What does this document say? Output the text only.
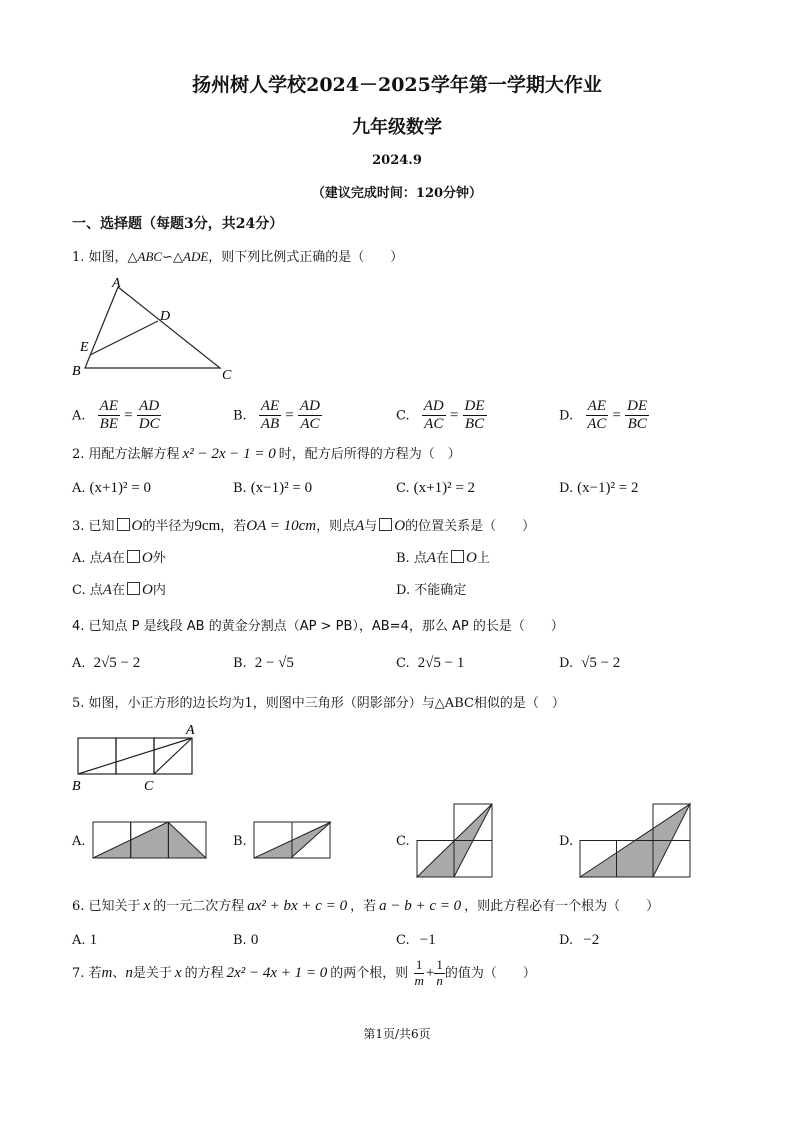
扬州树人学校2024－2025学年第一学期大作业
九年级数学
2024.9
（建议完成时间：120分钟）
一、选择题（每题3分，共24分）
1. 如图，△ABC∽△ADE，则下列比例式正确的是（　　）
A
D
E
B	C
A. $\frac{AE}{BE} = \frac{AD}{DC}$	B. $\frac{AE}{AB} = \frac{AD}{AC}$	C. $\frac{AD}{AC} = \frac{DE}{BC}$	D. $\frac{AE}{AC} = \frac{DE}{BC}$
2. 用配方法解方程 x² − 2x − 1 = 0 时，配方后所得的方程为（　）
A. (x+1)² = 0	B. (x−1)² = 0	C. (x+1)² = 2	D. (x−1)² = 2
3. 已知 O的半径为9cm，若OA = 10cm，则点A与 O的位置关系是（　　）
A. 点A在 O外	B. 点A在 O上
C. 点A在 O内	D. 不能确定
4. 已知点 P 是线段 AB 的黄金分割点（AP > PB），AB=4，那么 AP 的长是（　　）
A. 2√5 − 2	B. 2 − √5	C. 2√5 − 1	D. √5 − 2
5. 如图，小正方形的边长均为1，则图中三角形（阴影部分）与△ABC相似的是（　）
A
B	C
A.	B.	C.	D.
6. 已知关于 x 的一元二次方程 ax² + bx + c = 0 ，若 a − b + c = 0 ，则此方程必有一个根为（　　）
A. 1	B. 0	C. −1	D. −2
7. 若m、n是关于 x 的方程 2x² − 4x + 1 = 0 的两个根，则 $\frac{1}{m} + \frac{1}{n}$ 的值为（　　）
第1页/共6页
